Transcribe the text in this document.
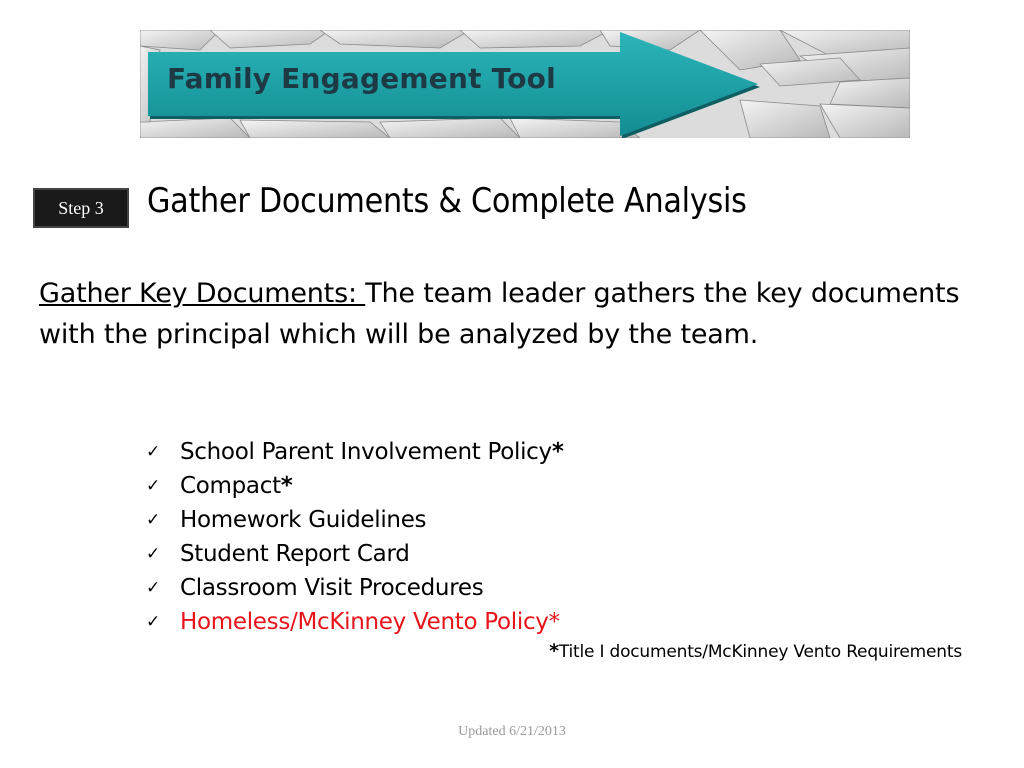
Family Engagement Tool
Step 3 Gather Documents & Complete Analysis

Gather Key Documents: The team leader gathers the key documents with the principal which will be analyzed by the team.

✓ School Parent Involvement Policy *
✓ Compact *
✓ Homework Guidelines
✓ Student Report Card
✓ Classroom Visit Procedures
✓ Homeless/McKinney Vento Policy *
*Title I documents/McKinney Vento Requirements
Updated 6/21/2013
